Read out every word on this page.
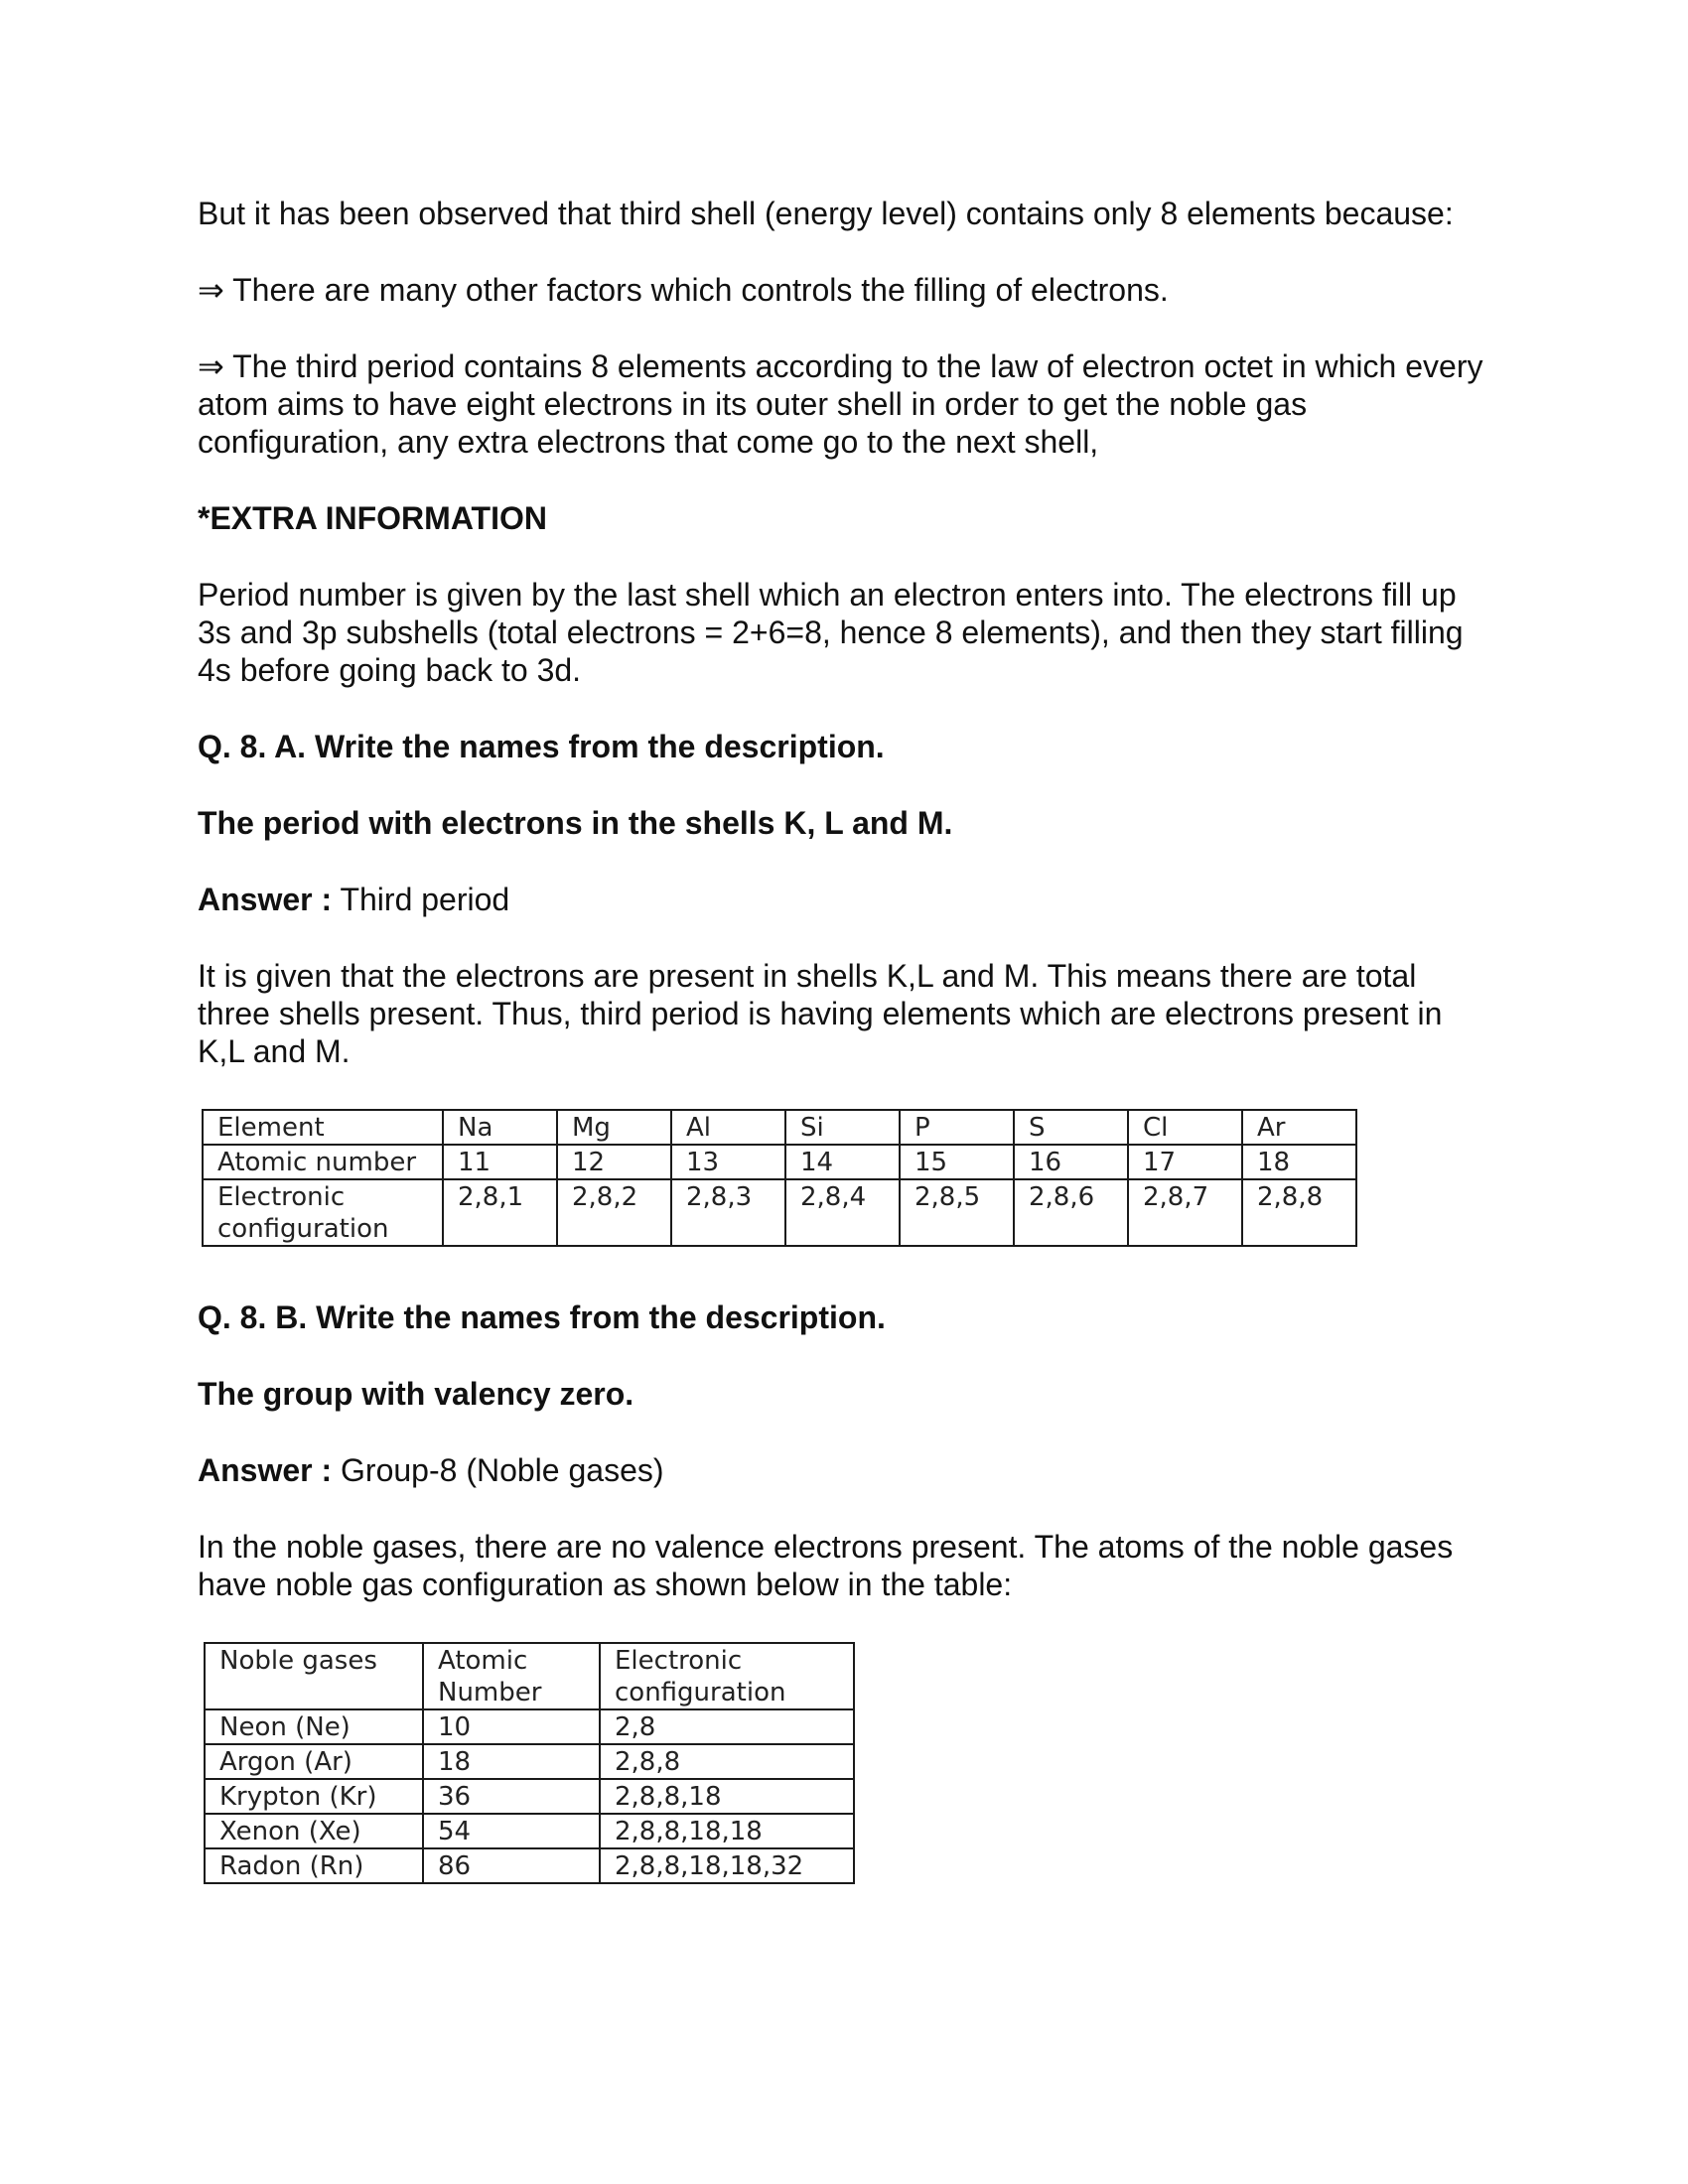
But it has been observed that third shell (energy level) contains only 8 elements because:

⇒ There are many other factors which controls the filling of electrons.

⇒ The third period contains 8 elements according to the law of electron octet in which every atom aims to have eight electrons in its outer shell in order to get the noble gas configuration, any extra electrons that come go to the next shell,

*EXTRA INFORMATION

Period number is given by the last shell which an electron enters into. The electrons fill up 3s and 3p subshells (total electrons = 2+6=8, hence 8 elements), and then they start filling 4s before going back to 3d.

Q. 8. A. Write the names from the description.

The period with electrons in the shells K, L and M.

Answer : Third period

It is given that the electrons are present in shells K,L and M. This means there are total three shells present. Thus, third period is having elements which are electrons present in K,L and M.

Element	Na	Mg	Al	Si	P	S	Cl	Ar
Atomic number	11	12	13	14	15	16	17	18
Electronic configuration	2,8,1	2,8,2	2,8,3	2,8,4	2,8,5	2,8,6	2,8,7	2,8,8

Q. 8. B. Write the names from the description.

The group with valency zero.

Answer : Group-8 (Noble gases)

In the noble gases, there are no valence electrons present. The atoms of the noble gases have noble gas configuration as shown below in the table:

Noble gases	Atomic Number	Electronic configuration
Neon (Ne)	10	2,8
Argon (Ar)	18	2,8,8
Krypton (Kr)	36	2,8,8,18
Xenon (Xe)	54	2,8,8,18,18
Radon (Rn)	86	2,8,8,18,18,32
